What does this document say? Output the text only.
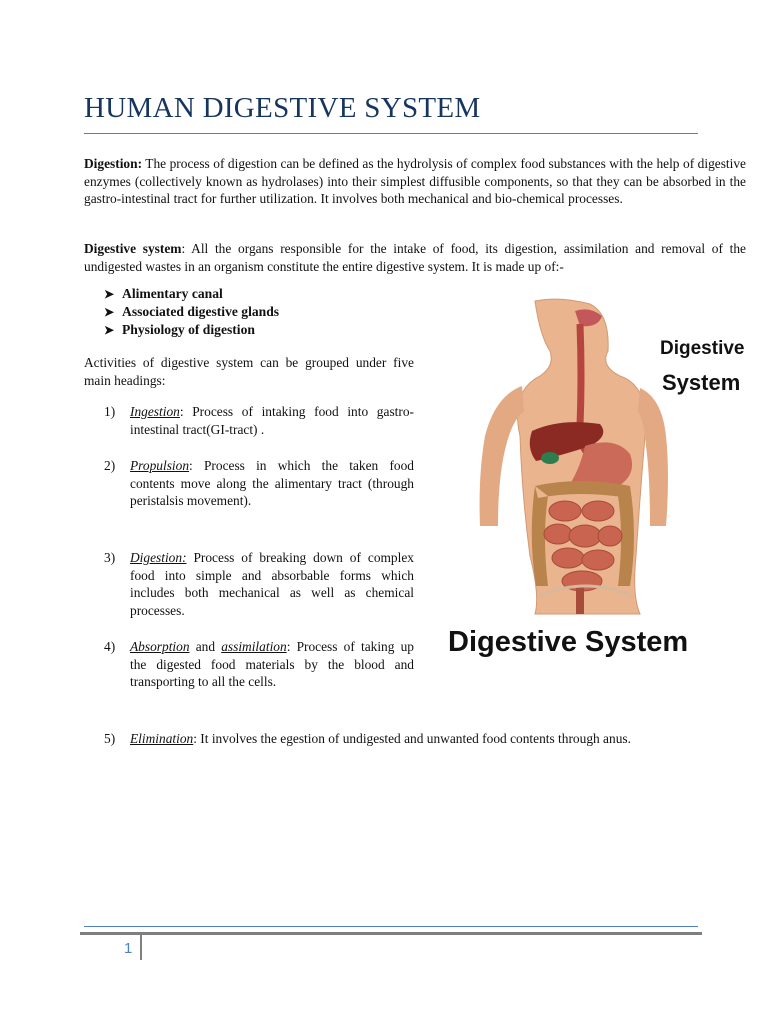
HUMAN DIGESTIVE SYSTEM

Digestion: The process of digestion can be defined as the hydrolysis of complex food substances with the help of digestive enzymes (collectively known as hydrolases) into their simplest diffusible components, so that they can be absorbed in the gastro-intestinal tract for further utilization. It involves both mechanical and bio-chemical processes.

Digestive system: All the organs responsible for the intake of food, its digestion, assimilation and removal of the undigested wastes in an organism constitute the entire digestive system. It is made up of:-

➤ Alimentary canal
➤ Associated digestive glands
➤ Physiology of digestion

Activities of digestive system can be grouped under five main headings:

1) Ingestion: Process of intaking food into gastro-intestinal tract(GI-tract) .
2) Propulsion: Process in which the taken food contents move along the alimentary tract (through peristalsis movement).
3) Digestion: Process of breaking down of complex food into simple and absorbable forms which includes both mechanical as well as chemical processes.
4) Absorption and assimilation: Process of taking up the digested food materials by the blood and transporting to all the cells.
5) Elimination: It involves the egestion of undigested and unwanted food contents through anus.
Digestive
System
Digestive System
1
